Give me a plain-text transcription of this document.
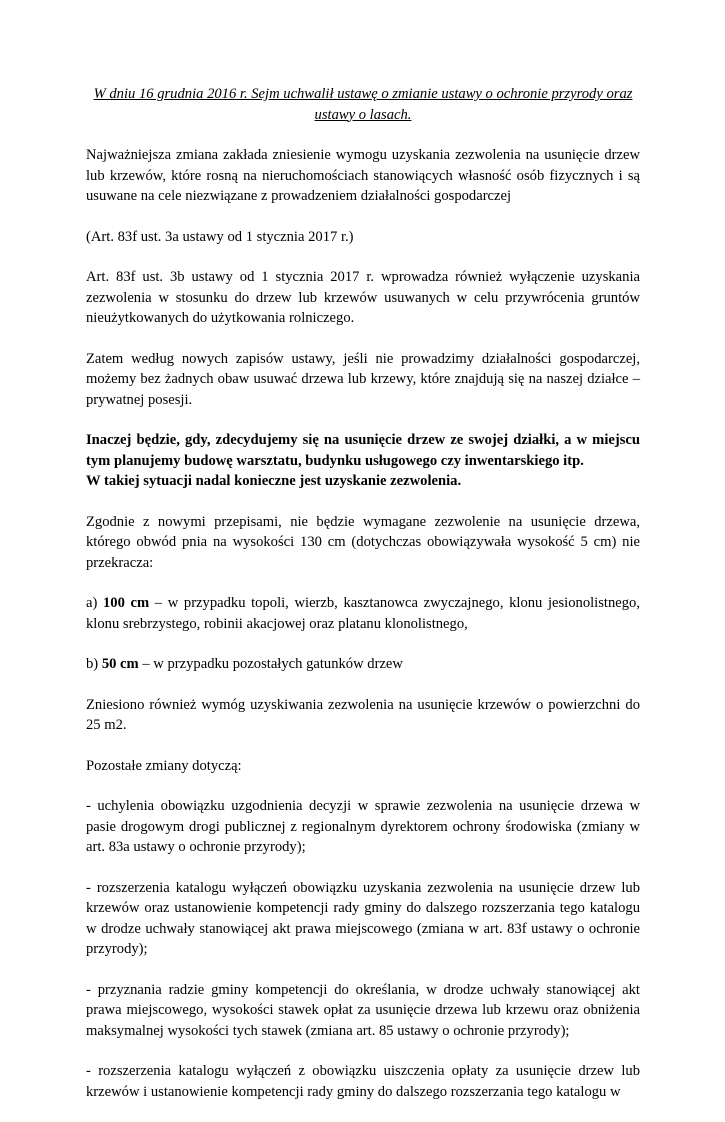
W dniu 16 grudnia 2016 r. Sejm uchwalił ustawę o zmianie ustawy o ochronie przyrody oraz ustawy o lasach.

Najważniejsza zmiana zakłada zniesienie wymogu uzyskania zezwolenia na usunięcie drzew lub krzewów, które rosną na nieruchomościach stanowiących własność osób fizycznych i są usuwane na cele niezwiązane z prowadzeniem działalności gospodarczej

(Art. 83f ust. 3a ustawy od 1 stycznia 2017 r.)

Art. 83f ust. 3b ustawy od 1 stycznia 2017 r. wprowadza również wyłączenie uzyskania zezwolenia w stosunku do drzew lub krzewów usuwanych w celu przywrócenia gruntów nieużytkowanych do użytkowania rolniczego.

Zatem według nowych zapisów ustawy, jeśli nie prowadzimy działalności gospodarczej, możemy bez żadnych obaw usuwać drzewa lub krzewy, które znajdują się na naszej działce – prywatnej posesji.

Inaczej będzie, gdy, zdecydujemy się na usunięcie drzew ze swojej działki, a w miejscu tym planujemy budowę warsztatu, budynku usługowego czy inwentarskiego itp.
W takiej sytuacji nadal konieczne jest uzyskanie zezwolenia.

Zgodnie z nowymi przepisami, nie będzie wymagane zezwolenie na usunięcie drzewa, którego obwód pnia na wysokości 130 cm (dotychczas obowiązywała wysokość 5 cm) nie przekracza:

a) 100 cm – w przypadku topoli, wierzb, kasztanowca zwyczajnego, klonu jesionolistnego, klonu srebrzystego, robinii akacjowej oraz platanu klonolistnego,

b) 50 cm – w przypadku pozostałych gatunków drzew

Zniesiono również wymóg uzyskiwania zezwolenia na usunięcie krzewów o powierzchni do 25 m2.

Pozostałe zmiany dotyczą:

- uchylenia obowiązku uzgodnienia decyzji w sprawie zezwolenia na usunięcie drzewa w pasie drogowym drogi publicznej z regionalnym dyrektorem ochrony środowiska (zmiany w art. 83a ustawy o ochronie przyrody);

- rozszerzenia katalogu wyłączeń obowiązku uzyskania zezwolenia na usunięcie drzew lub krzewów oraz ustanowienie kompetencji rady gminy do dalszego rozszerzania tego katalogu w drodze uchwały stanowiącej akt prawa miejscowego (zmiana w art. 83f ustawy o ochronie przyrody);

- przyznania radzie gminy kompetencji do określania, w drodze uchwały stanowiącej akt prawa miejscowego, wysokości stawek opłat za usunięcie drzewa lub krzewu oraz obniżenia maksymalnej wysokości tych stawek (zmiana art. 85 ustawy o ochronie przyrody);

- rozszerzenia katalogu wyłączeń z obowiązku uiszczenia opłaty za usunięcie drzew lub krzewów i ustanowienie kompetencji rady gminy do dalszego rozszerzania tego katalogu w
